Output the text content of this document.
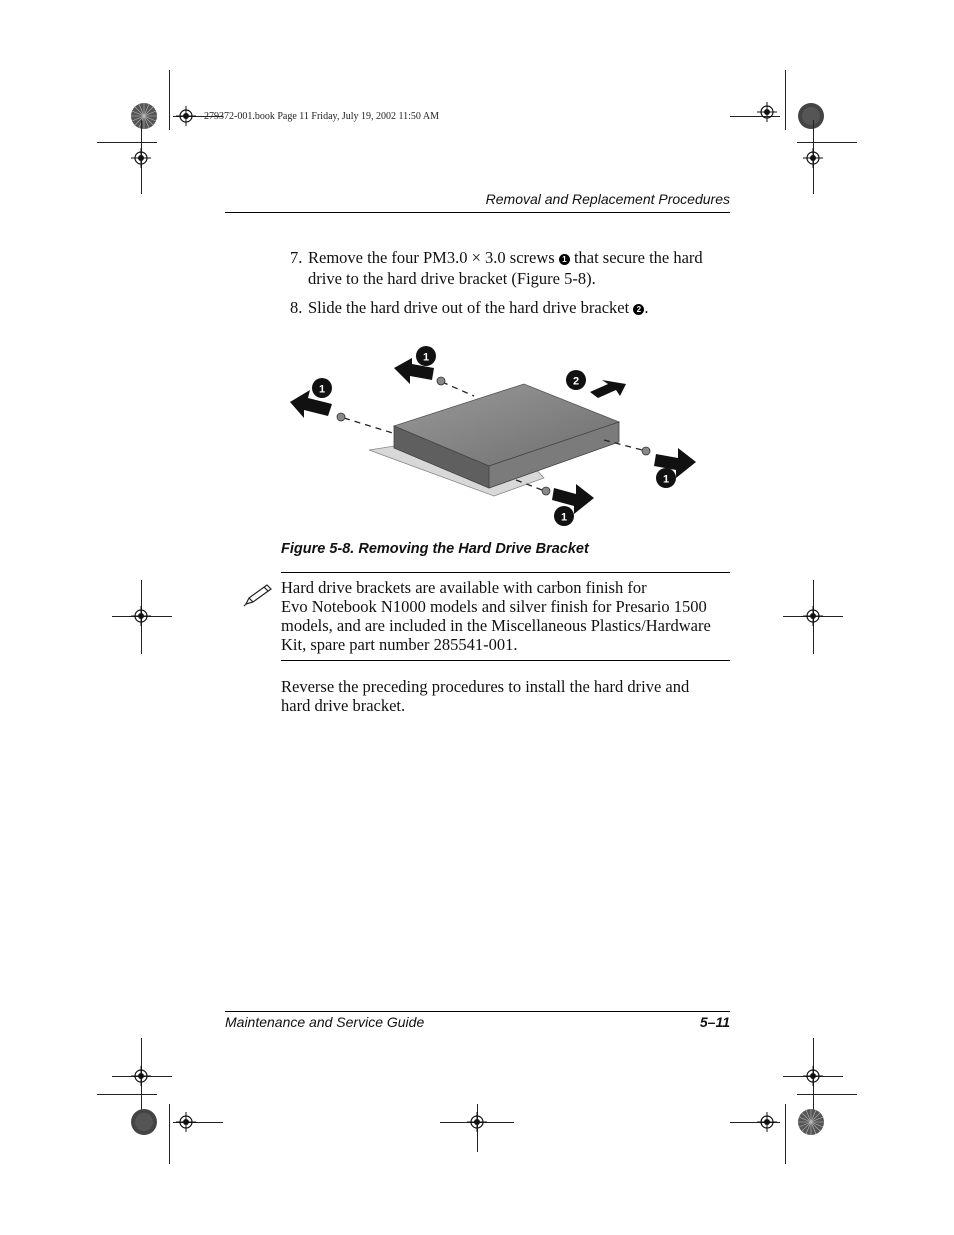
279372-001.book Page 11 Friday, July 19, 2002 11:50 AM
Removal and Replacement Procedures
7. Remove the four PM3.0 × 3.0 screws 1 that secure the hard
drive to the hard drive bracket (Figure 5-8).
8. Slide the hard drive out of the hard drive bracket 2 .
1
1
2
1
1
Figure 5-8. Removing the Hard Drive Bracket
Hard drive brackets are available with carbon finish for
Evo Notebook N1000 models and silver finish for Presario 1500
models, and are included in the Miscellaneous Plastics/Hardware
Kit, spare part number 285541-001.
Reverse the preceding procedures to install the hard drive and
hard drive bracket.
Maintenance and Service Guide	5–11
